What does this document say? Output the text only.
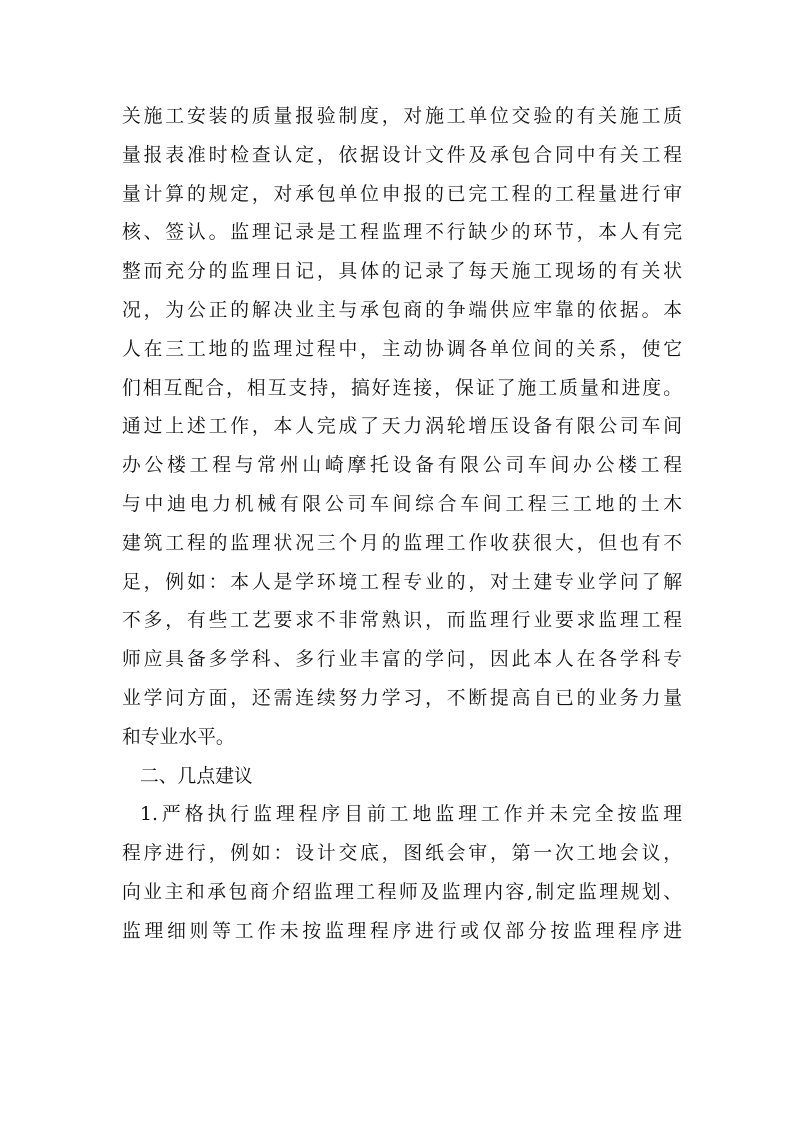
关施工安装的质量报验制度，对施工单位交验的有关施工质
量报表准时检查认定，依据设计文件及承包合同中有关工程
量计算的规定，对承包单位申报的已完工程的工程量进行审
核、签认。监理记录是工程监理不行缺少的环节，本人有完
整而充分的监理日记，具体的记录了每天施工现场的有关状
况，为公正的解决业主与承包商的争端供应牢靠的依据。本
人在三工地的监理过程中，主动协调各单位间的关系，使它
们相互配合，相互支持，搞好连接，保证了施工质量和进度。
通过上述工作，本人完成了天力涡轮增压设备有限公司车间
办公楼工程与常州山崎摩托设备有限公司车间办公楼工程
与中迪电力机械有限公司车间综合车间工程三工地的土木
建筑工程的监理状况三个月的监理工作收获很大，但也有不
足，例如：本人是学环境工程专业的，对土建专业学问了解
不多，有些工艺要求不非常熟识，而监理行业要求监理工程
师应具备多学科、多行业丰富的学问，因此本人在各学科专
业学问方面，还需连续努力学习，不断提高自已的业务力量
和专业水平。
二、几点建议
1.严格执行监理程序目前工地监理工作并未完全按监理
程序进行，例如：设计交底，图纸会审，第一次工地会议，
向业主和承包商介绍监理工程师及监理内容,制定监理规划、
监理细则等工作未按监理程序进行或仅部分按监理程序进
